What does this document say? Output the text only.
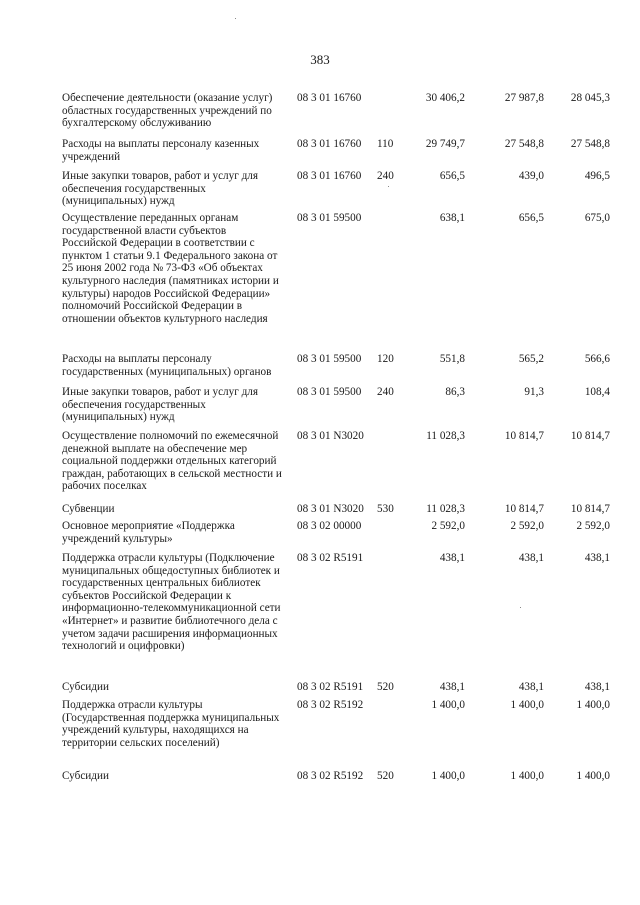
383
Обеспечение деятельности (оказание услуг) областных государственных учреждений по бухгалтерскому обслуживанию
08 3 01 16760	30 406,2	27 987,8	28 045,3
Расходы на выплаты персоналу казенных учреждений
08 3 01 16760 110	29 749,7	27 548,8	27 548,8
Иные закупки товаров, работ и услуг для обеспечения государственных (муниципальных) нужд
08 3 01 16760 240	656,5	439,0	496,5
Осуществление переданных органам государственной власти субъектов Российской Федерации в соответствии с пунктом 1 статьи 9.1 Федерального закона от 25 июня 2002 года № 73-ФЗ «Об объектах культурного наследия (памятниках истории и культуры) народов Российской Федерации» полномочий Российской Федерации в отношении объектов культурного наследия
08 3 01 59500	638,1	656,5	675,0
Расходы на выплаты персоналу государственных (муниципальных) органов
08 3 01 59500 120	551,8	565,2	566,6
Иные закупки товаров, работ и услуг для обеспечения государственных (муниципальных) нужд
08 3 01 59500 240	86,3	91,3	108,4
Осуществление полномочий по ежемесячной денежной выплате на обеспечение мер социальной поддержки отдельных категорий граждан, работающих в сельской местности и рабочих поселках
08 3 01 N3020	11 028,3	10 814,7	10 814,7
Субвенции	08 3 01 N3020 530	11 028,3	10 814,7	10 814,7
Основное мероприятие «Поддержка учреждений культуры»
08 3 02 00000	2 592,0	2 592,0	2 592,0
Поддержка отрасли культуры (Подключение муниципальных общедоступных библиотек и государственных центральных библиотек субъектов Российской Федерации к информационно-телекоммуникационной сети «Интернет» и развитие библиотечного дела с учетом задачи расширения информационных технологий и оцифровки)
08 3 02 R5191	438,1	438,1	438,1
Субсидии	08 3 02 R5191 520	438,1	438,1	438,1
Поддержка отрасли культуры (Государственная поддержка муниципальных учреждений культуры, находящихся на территории сельских поселений)
08 3 02 R5192	1 400,0	1 400,0	1 400,0
Субсидии	08 3 02 R5192 520	1 400,0	1 400,0	1 400,0
